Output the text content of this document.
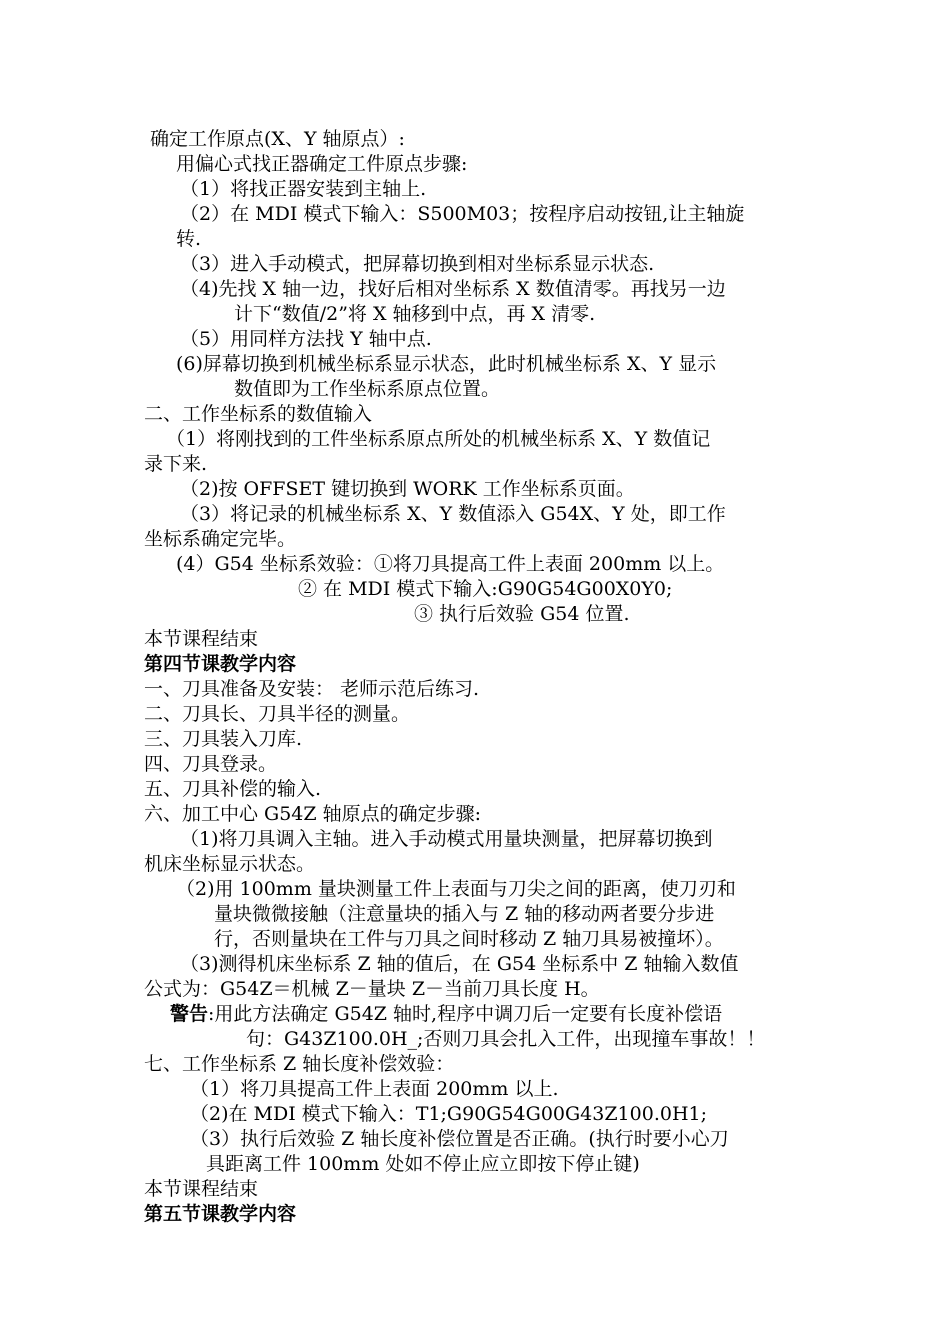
确定工作原点(X、Y 轴原点）:
用偏心式找正器确定工件原点步骤:
（1）将找正器安装到主轴上.
（2）在 MDI 模式下输入：S500M03；按程序启动按钮,让主轴旋
转.
（3）进入手动模式，把屏幕切换到相对坐标系显示状态.
（4)先找 X 轴一边，找好后相对坐标系 X 数值清零。再找另一边
计下“数值/2”将 X 轴移到中点，再 X 清零.
（5）用同样方法找 Y 轴中点.
(6)屏幕切换到机械坐标系显示状态，此时机械坐标系 X、Y 显示
数值即为工作坐标系原点位置。
二、工作坐标系的数值输入
（1）将刚找到的工件坐标系原点所处的机械坐标系 X、Y 数值记
录下来.
（2)按 OFFSET 键切换到 WORK 工作坐标系页面。
（3）将记录的机械坐标系 X、Y 数值添入 G54X、Y 处，即工作
坐标系确定完毕。
(4）G54 坐标系效验：①将刀具提高工件上表面 200mm 以上。
② 在 MDI 模式下输入:G90G54G00X0Y0;
③ 执行后效验 G54 位置.
本节课程结束
第四节课教学内容
一、刀具准备及安装： 老师示范后练习.
二、刀具长、刀具半径的测量。
三、刀具装入刀库.
四、刀具登录。
五、刀具补偿的输入.
六、加工中心 G54Z 轴原点的确定步骤:
（1)将刀具调入主轴。进入手动模式用量块测量，把屏幕切换到
机床坐标显示状态。
（2)用 100mm 量块测量工件上表面与刀尖之间的距离，使刀刃和
量块微微接触（注意量块的插入与 Z 轴的移动两者要分步进
行，否则量块在工件与刀具之间时移动 Z 轴刀具易被撞坏）。
（3)测得机床坐标系 Z 轴的值后，在 G54 坐标系中 Z 轴输入数值
公式为：G54Z＝机械 Z－量块 Z－当前刀具长度 H。
警告:用此方法确定 G54Z 轴时,程序中调刀后一定要有长度补偿语
句：G43Z100.0H_;否则刀具会扎入工件，出现撞车事故！！
七、工作坐标系 Z 轴长度补偿效验：
（1）将刀具提高工件上表面 200mm 以上.
（2)在 MDI 模式下输入：T1;G90G54G00G43Z100.0H1;
（3）执行后效验 Z 轴长度补偿位置是否正确。(执行时要小心刀
具距离工件 100mm 处如不停止应立即按下停止键)
本节课程结束
第五节课教学内容
